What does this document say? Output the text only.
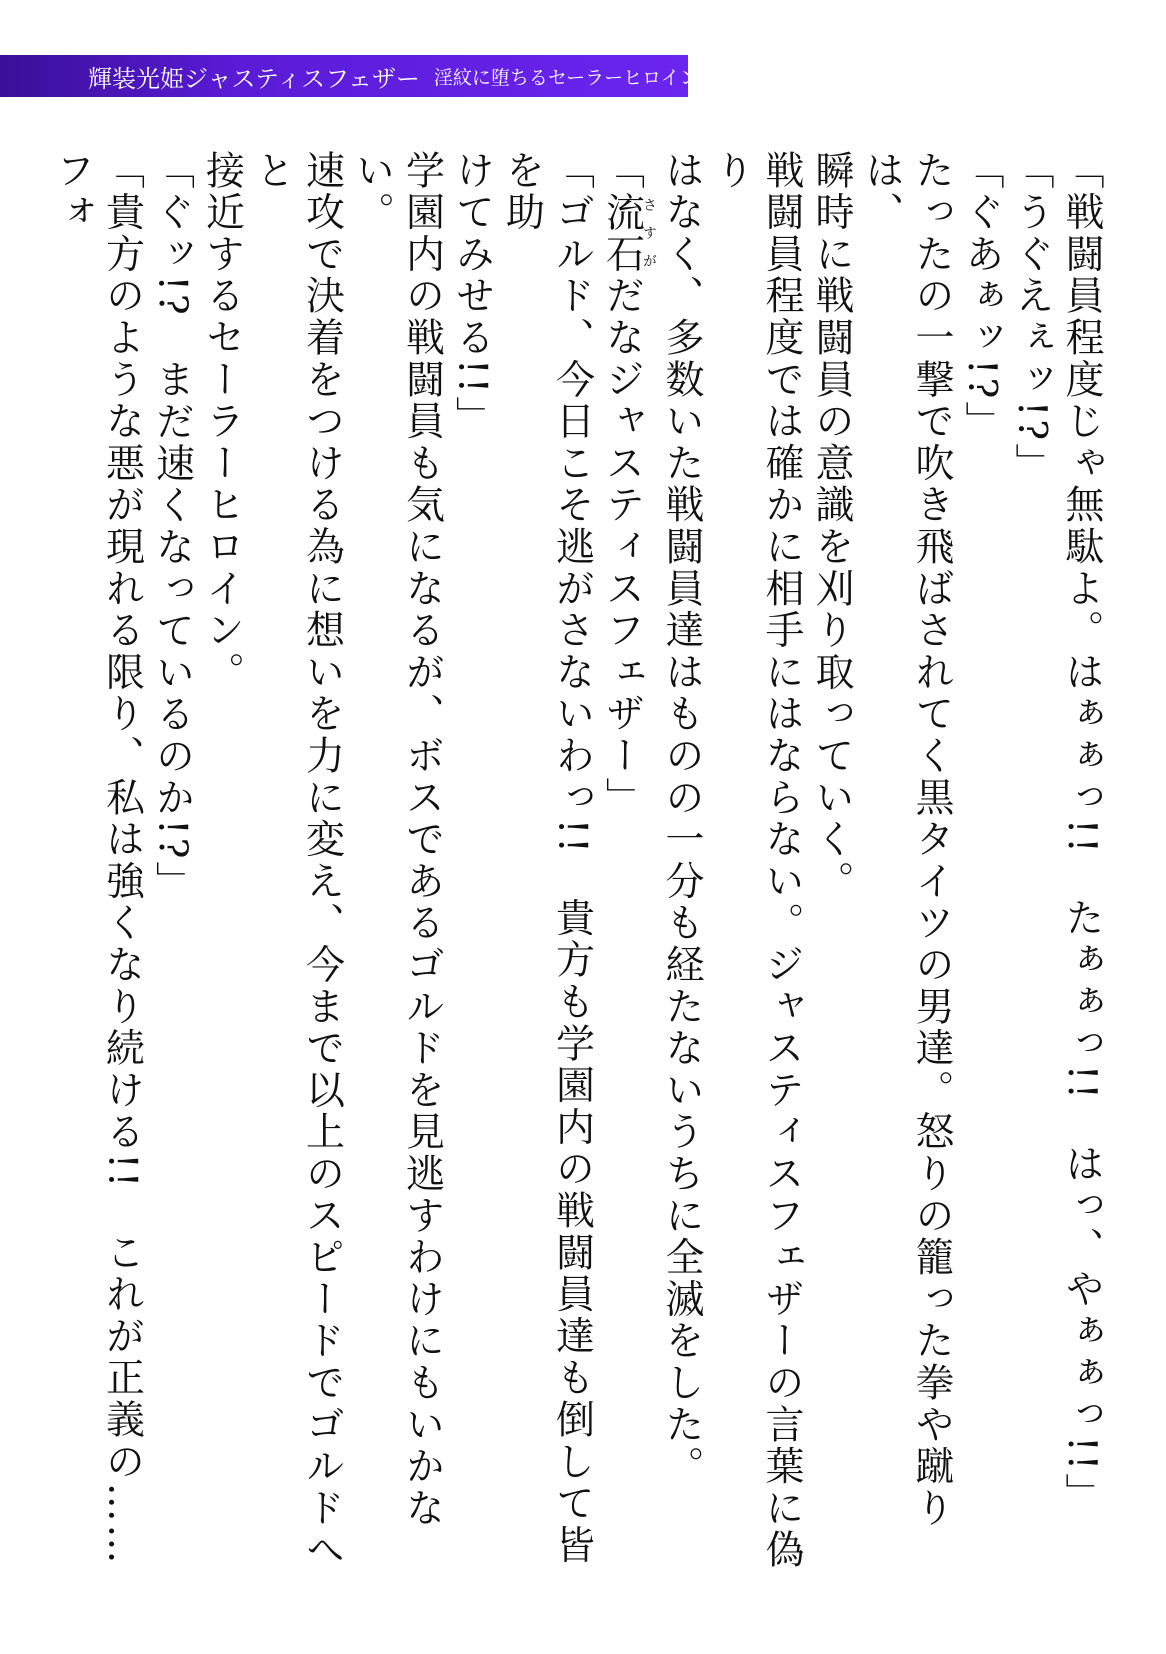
輝装光姫ジャスティスフェザー 淫紋に堕ちるセーラーヒロイン

「戦闘員程度じゃ無駄よ。はぁぁっ!!　たぁぁっ!!　はっ、やぁぁっ!!」

「うぐえぇッ!?」

「ぐあぁッ!?」

たったの一撃で吹き飛ばされてく黒タイツの男達。怒りの籠った拳や蹴りは、

瞬時に戦闘員の意識を刈り取っていく。

戦闘員程度では確かに相手にはならない。ジャスティスフェザーの言葉に偽り

はなく、多数いた戦闘員達はものの一分も経たないうちに全滅をした。

「流石さすがだなジャスティスフェザー」

「ゴルド、今日こそ逃がさないわっ!!　貴方も学園内の戦闘員達も倒して皆を助

けてみせる!!」

学園内の戦闘員も気になるが、ボスであるゴルドを見逃すわけにもいかない。

速攻で決着をつける為に想いを力に変え、今まで以上のスピードでゴルドへと

接近するセーラーヒロイン。

「ぐッ!?　まだ速くなっているのか!?」

「貴方のような悪が現れる限り、私は強くなり続ける!!　これが正義の……フォ
